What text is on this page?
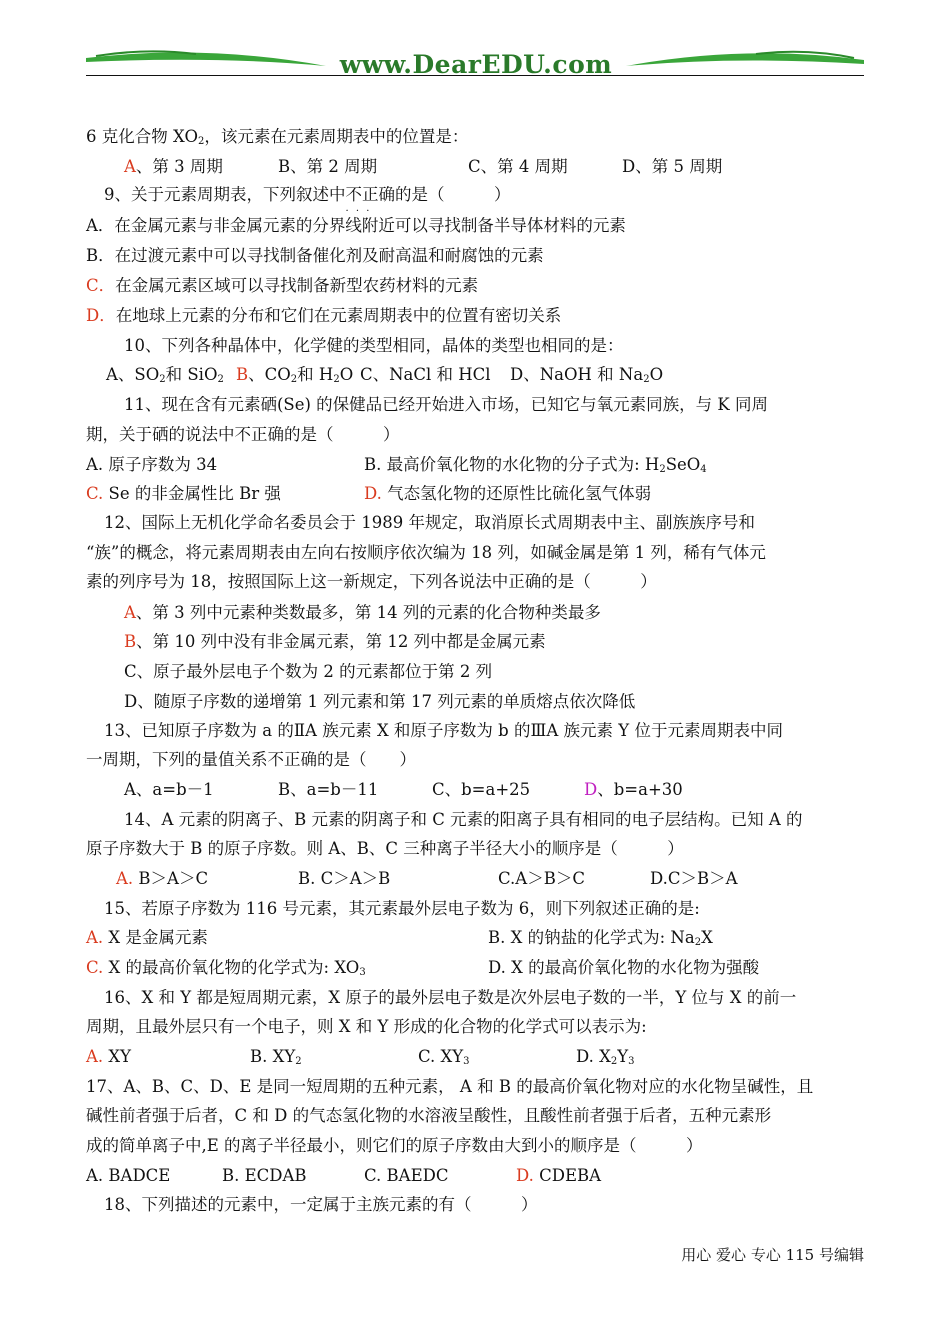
www.DearEDU.com
6 克化合物 $XO_2$，该元素在元素周期表中的位置是：
A、第 3 周期	B、第 2 周期	C、第 4 周期	D、第 5 周期
9、关于元素周期表，下列叙述中不正确 · · ·的是（　　　）
A．在金属元素与非金属元素的分界线附近可以寻找制备半导体材料的元素
B．在过渡元素中可以寻找制备催化剂及耐高温和耐腐蚀的元素
C．在金属元素区域可以寻找制备新型农药材料的元素
D．在地球上元素的分布和它们在元素周期表中的位置有密切关系
10、下列各种晶体中，化学健的类型相同，晶体的类型也相同的是：
A、$SO_2$和 SiO$_2$ B、$CO_2$和 $H_2O$ C、NaCl 和 HCl D、NaOH 和 $Na_2O$
11、现在含有元素硒(Se) 的保健品已经开始进入市场，已知它与氧元素同族，与 K 同周
期，关于硒的说法中不正确的是（　　　）
A. 原子序数为 34	B. 最高价氧化物的水化物的分子式为: $H_2SeO_4$
C. Se 的非金属性比 Br 强	D. 气态氢化物的还原性比硫化氢气体弱
12、国际上无机化学命名委员会于 1989 年规定，取消原长式周期表中主、副族族序号和
“族”的概念，将元素周期表由左向右按顺序依次编为 18 列，如碱金属是第 1 列，稀有气体元
素的列序号为 18，按照国际上这一新规定，下列各说法中正确的是（　　　）
A、第 3 列中元素种类数最多，第 14 列的元素的化合物种类最多
B、第 10 列中没有非金属元素，第 12 列中都是金属元素
C、原子最外层电子个数为 2 的元素都位于第 2 列
D、随原子序数的递增第 1 列元素和第 17 列元素的单质熔点依次降低
13、已知原子序数为 a 的ⅡA 族元素 X 和原子序数为 b 的ⅢA 族元素 Y 位于元素周期表中同
一周期，下列的量值关系不正确的是（　　）
A、a=b－1	B、a=b－11	C、b=a+25	D、b=a+30
14、A 元素的阴离子、B 元素的阴离子和 C 元素的阳离子具有相同的电子层结构。已知 A 的
原子序数大于 B 的原子序数。则 A、B、C 三种离子半径大小的顺序是（　　　）
A. B＞A＞C	B. C＞A＞B	C.A＞B＞C	D.C＞B＞A
15、若原子序数为 116 号元素，其元素最外层电子数为 6，则下列叙述正确的是:
A. X 是金属元素	B. X 的钠盐的化学式为: $Na_2X$
C. X 的最高价氧化物的化学式为: $XO_3$	D. X 的最高价氧化物的水化物为强酸
16、X 和 Y 都是短周期元素，X 原子的最外层电子数是次外层电子数的一半，Y 位与 X 的前一
周期，且最外层只有一个电子，则 X 和 Y 形成的化合物的化学式可以表示为:
A. XY	B. $XY_2$	C. $XY_3$	D. $X_2Y_3$
17、A、B、C、D、E 是同一短周期的五种元素， A 和 B 的最高价氧化物对应的水化物呈碱性，且
碱性前者强于后者，C 和 D 的气态氢化物的水溶液呈酸性，且酸性前者强于后者，五种元素形
成的简单离子中,E 的离子半径最小，则它们的原子序数由大到小的顺序是（　　　）
A. BADCE	B. ECDAB	C. BAEDC	D. CDEBA
18、下列描述的元素中，一定属于主族元素的有（　　　）
用心 爱心 专心 115 号编辑
